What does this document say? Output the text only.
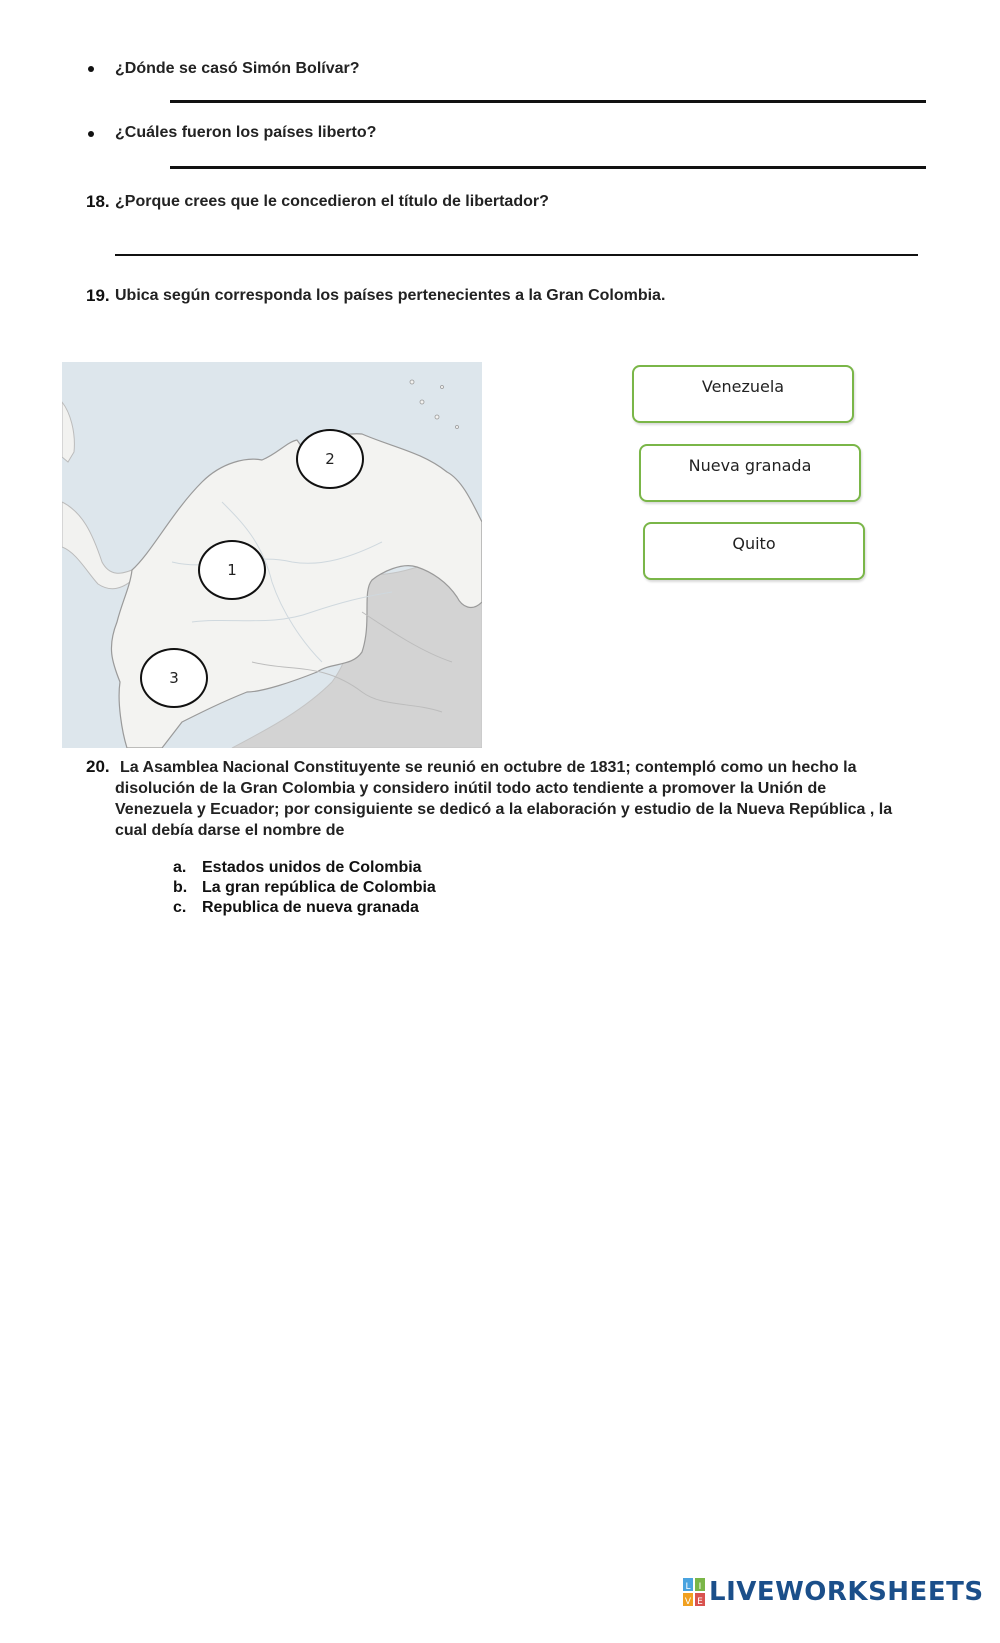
¿Dónde se casó Simón Bolívar?
¿Cuáles fueron los países liberto?
18. ¿Porque crees que le concedieron el título de libertador?
19. Ubica según corresponda los países pertenecientes a la Gran Colombia.
1
2
3
Venezuela
Nueva granada
Quito
20. La Asamblea Nacional Constituyente se reunió en octubre de 1831; contempló como un hecho la
disolución de la Gran Colombia y considero inútil todo acto tendiente a promover la Unión de
Venezuela y Ecuador; por consiguiente se dedicó a la elaboración y estudio de la Nueva República , la
cual debía darse el nombre de
a. Estados unidos de Colombia
b. La gran república de Colombia
c. Republica de nueva granada
L I
V E LIVEWORKSHEETS
